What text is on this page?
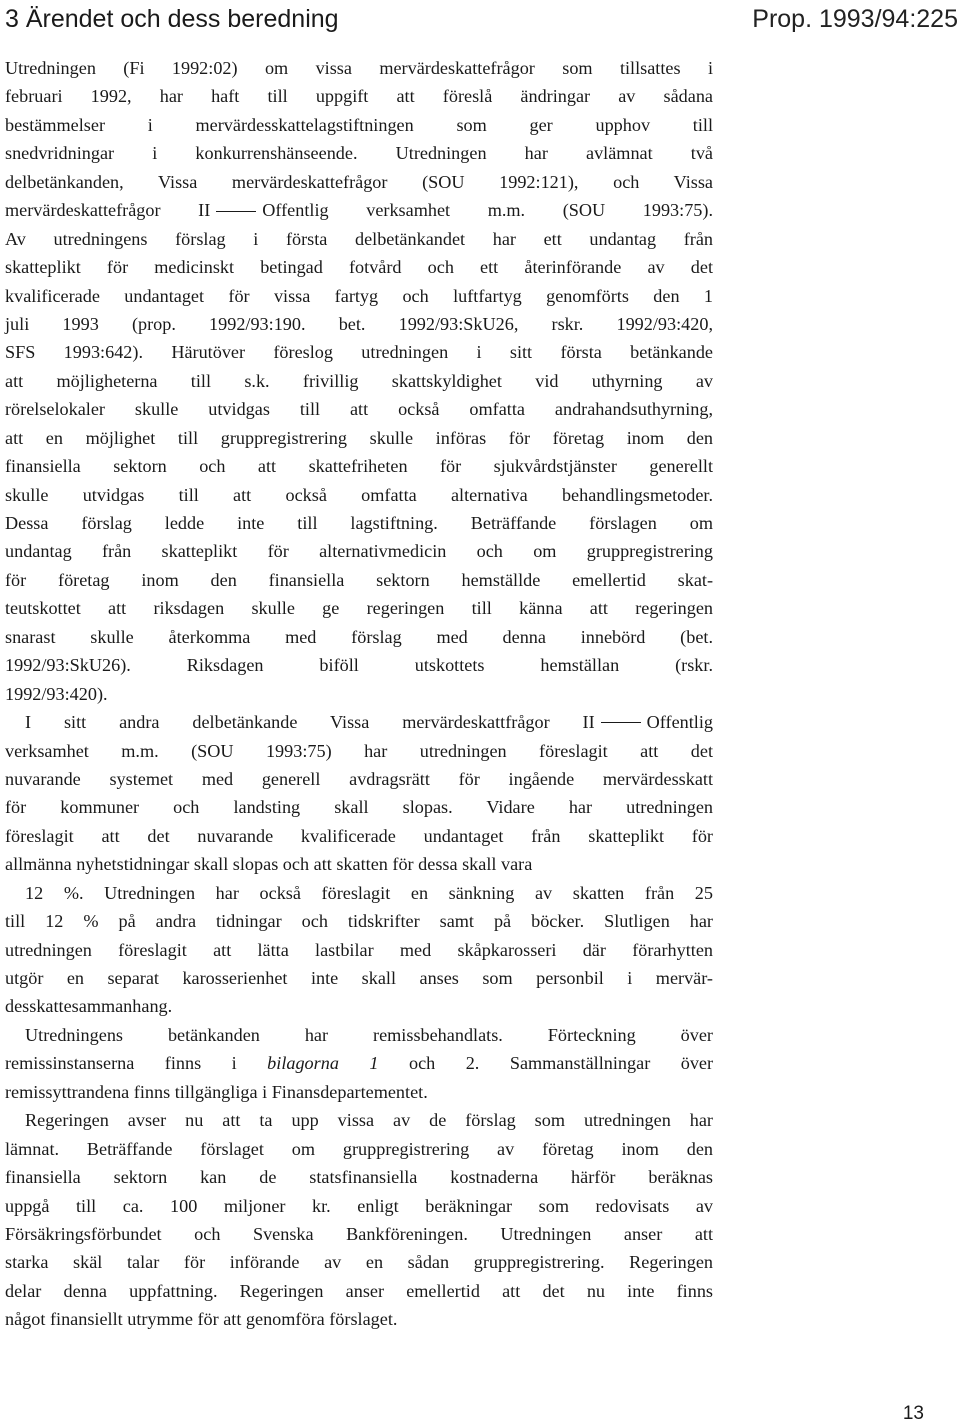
3 Ärendet och dess beredning	Prop. 1993/94:225
Utredningen (Fi 1992:02) om vissa mervärdeskattefrågor som tillsattes i
februari 1992, har haft till uppgift att föreslå ändringar av sådana
bestämmelser i mervärdesskattelagstiftningen som ger upphov till
snedvridningar i konkurrenshänseende. Utredningen har avlämnat två
delbetänkanden, Vissa mervärdeskattefrågor (SOU 1992:121), och Vissa
mervärdeskattefrågor II	Offentlig verksamhet m.m. (SOU 1993:75).
Av utredningens förslag i första delbetänkandet har ett undantag från
skatteplikt för medicinskt betingad fotvård och ett återinförande av det
kvalificerade undantaget för vissa fartyg och luftfartyg genomförts den 1
juli 1993 (prop. 1992/93:190. bet. 1992/93:SkU26, rskr. 1992/93:420,
SFS 1993:642). Härutöver föreslog utredningen i sitt första betänkande
att möjligheterna till s.k. frivillig skattskyldighet vid uthyrning av
rörelselokaler skulle utvidgas till att också omfatta andrahandsuthyrning,
att en möjlighet till gruppregistrering skulle införas för företag inom den
finansiella sektorn och att skattefriheten för sjukvårdstjänster generellt
skulle utvidgas till att också omfatta alternativa behandlingsmetoder.
Dessa förslag ledde inte till lagstiftning. Beträffande förslagen om
undantag från skatteplikt för alternativmedicin och om gruppregistrering
för företag inom den finansiella sektorn hemställde emellertid skat-
teutskottet att riksdagen skulle ge regeringen till känna att regeringen
snarast skulle återkomma med förslag med denna innebörd (bet.
1992/93:SkU26). Riksdagen biföll utskottets hemställan (rskr.
1992/93:420).
I sitt andra delbetänkande Vissa mervärdeskattfrågor II	Offentlig
verksamhet m.m. (SOU 1993:75) har utredningen föreslagit att det
nuvarande systemet med generell avdragsrätt för ingående mervärdesskatt
för kommuner och landsting skall slopas. Vidare har utredningen
föreslagit att det nuvarande kvalificerade undantaget från skatteplikt för
allmänna nyhetstidningar skall slopas och att skatten för dessa skall vara
12 %. Utredningen har också föreslagit en sänkning av skatten från 25
till 12 % på andra tidningar och tidskrifter samt på böcker. Slutligen har
utredningen föreslagit att lätta lastbilar med skåpkarosseri där förarhytten
utgör en separat karosserienhet inte skall anses som personbil i mervär-
desskattesammanhang.
Utredningens betänkanden har remissbehandlats. Förteckning över
remissinstanserna finns i bilagorna 1 och 2. Sammanställningar över
remissyttrandena finns tillgängliga i Finansdepartementet.
Regeringen avser nu att ta upp vissa av de förslag som utredningen har
lämnat. Beträffande förslaget om gruppregistrering av företag inom den
finansiella sektorn kan de statsfinansiella kostnaderna härför beräknas
uppgå till ca. 100 miljoner kr. enligt beräkningar som redovisats av
Försäkringsförbundet och Svenska Bankföreningen. Utredningen anser att
starka skäl talar för införande av en sådan gruppregistrering. Regeringen
delar denna uppfattning. Regeringen anser emellertid att det nu inte finns
något finansiellt utrymme för att genomföra förslaget.
13
